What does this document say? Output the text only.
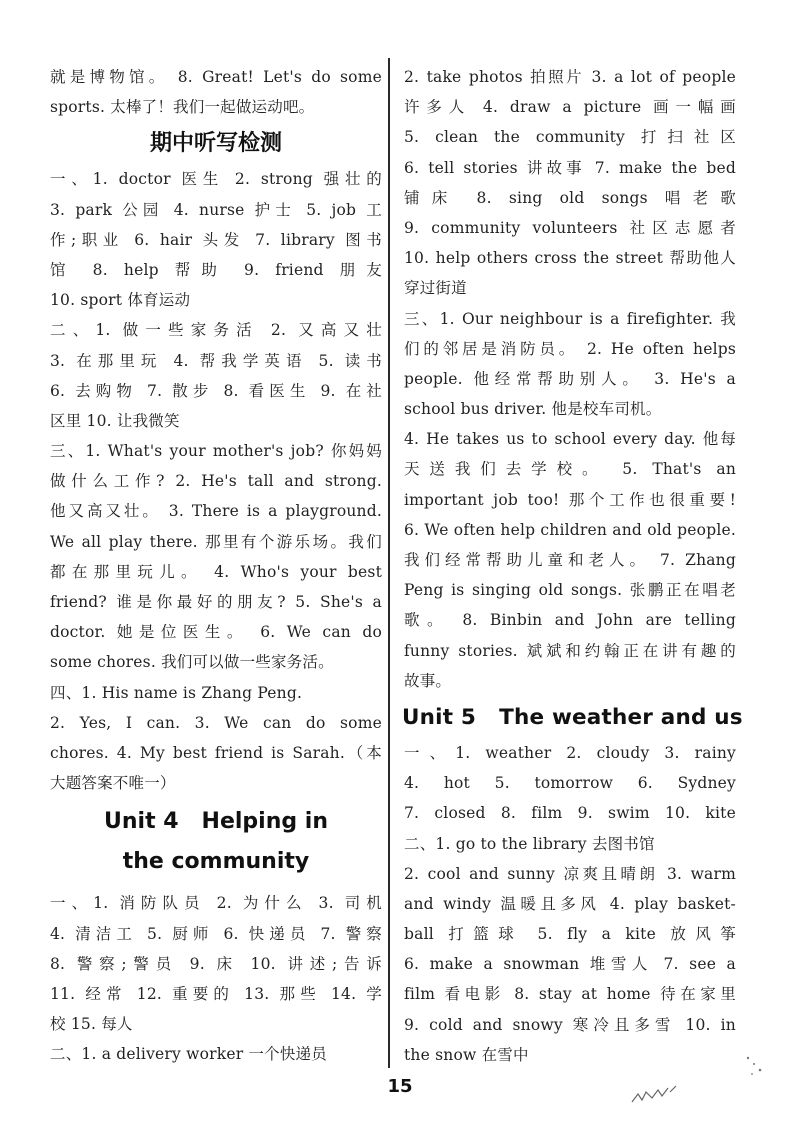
就是博物馆。 8. Great! Let's do some
sports. 太棒了！我们一起做运动吧。
期中听写检测
一、1. doctor 医生 2. strong 强壮的
3. park 公园 4. nurse 护士 5. job 工
作;职业 6. hair 头发 7. library 图书
馆 8. help 帮助 9. friend 朋友
10. sport 体育运动
二、1. 做一些家务活 2. 又高又壮
3. 在那里玩 4. 帮我学英语 5. 读书
6. 去购物 7. 散步 8. 看医生 9. 在社
区里 10. 让我微笑
三、1. What's your mother's job? 你妈妈
做什么工作? 2. He's tall and strong.
他又高又壮。 3. There is a playground.
We all play there. 那里有个游乐场。我们
都在那里玩儿。 4. Who's your best
friend? 谁是你最好的朋友? 5. She's a
doctor. 她是位医生。 6. We can do
some chores. 我们可以做一些家务活。
四、1. His name is Zhang Peng.
2. Yes, I can. 3. We can do some
chores. 4. My best friend is Sarah.（本
大题答案不唯一）
Unit 4   Helping in
the community
一、1. 消防队员 2. 为什么 3. 司机
4. 清洁工 5. 厨师 6. 快递员 7. 警察
8. 警察;警员 9. 床 10. 讲述;告诉
11. 经常 12. 重要的 13. 那些 14. 学
校 15. 每人
二、1. a delivery worker 一个快递员
2. take photos 拍照片 3. a lot of people
许多人 4. draw a picture 画一幅画
5. clean the community 打扫社区
6. tell stories 讲故事 7. make the bed
铺床 8. sing old songs 唱老歌
9. community volunteers 社区志愿者
10. help others cross the street 帮助他人
穿过街道
三、1. Our neighbour is a firefighter. 我
们的邻居是消防员。 2. He often helps
people. 他经常帮助别人。 3. He's a
school bus driver. 他是校车司机。
4. He takes us to school every day. 他每
天送我们去学校。 5. That's an
important job too! 那个工作也很重要!
6. We often help children and old people.
我们经常帮助儿童和老人。 7. Zhang
Peng is singing old songs. 张鹏正在唱老
歌。 8. Binbin and John are telling
funny stories. 斌斌和约翰正在讲有趣的
故事。
Unit 5   The weather and us
一、1. weather 2. cloudy 3. rainy
4. hot 5. tomorrow 6. Sydney
7. closed 8. film 9. swim 10. kite
二、1. go to the library 去图书馆
2. cool and sunny 凉爽且晴朗 3. warm
and windy 温暖且多风 4. play basket-
ball 打篮球 5. fly a kite 放风筝
6. make a snowman 堆雪人 7. see a
film 看电影 8. stay at home 待在家里
9. cold and snowy 寒冷且多雪 10. in
the snow 在雪中
15
